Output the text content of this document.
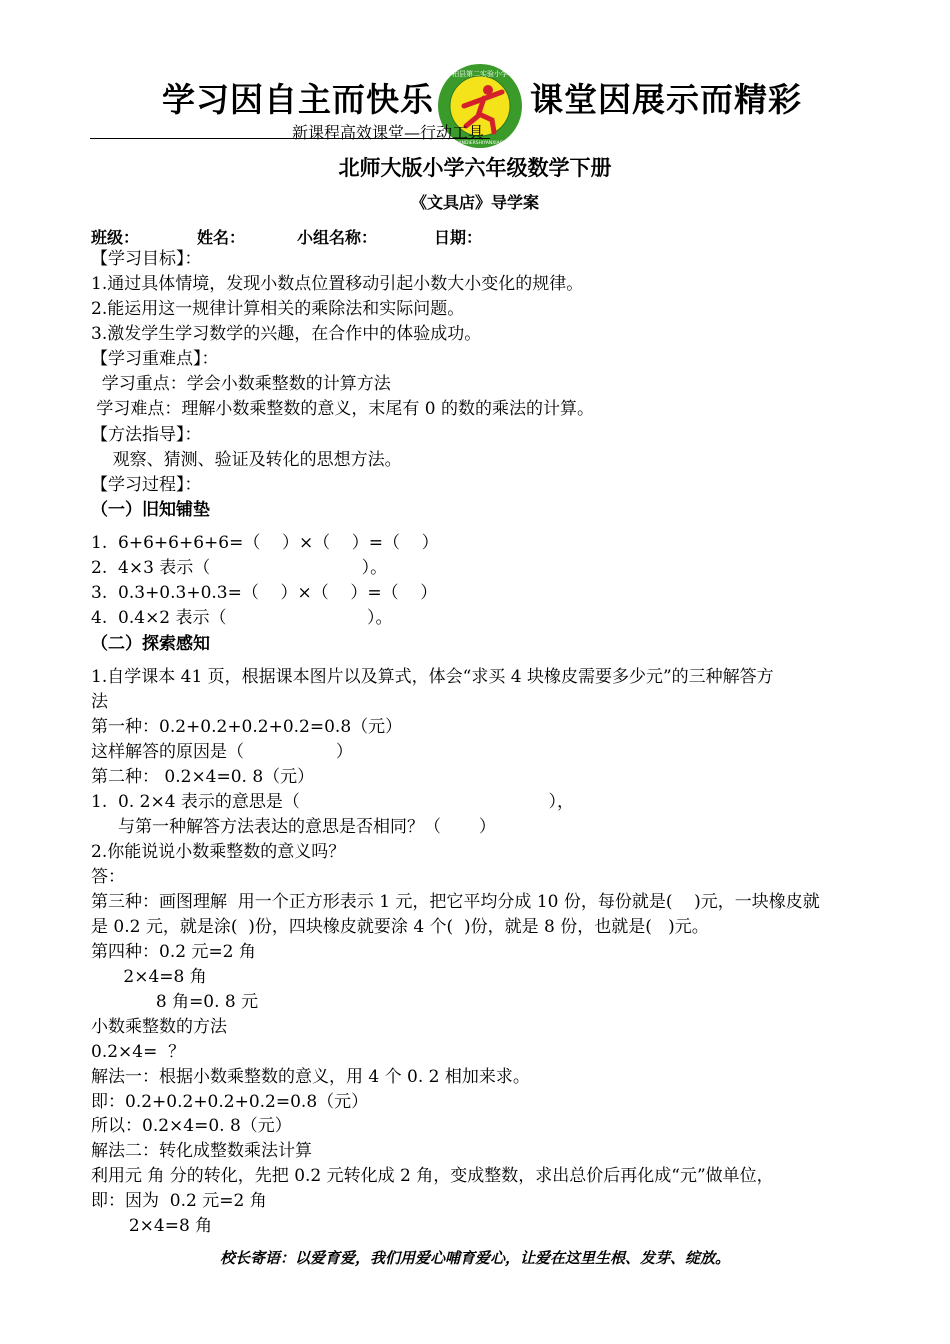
学习因自主而快乐
柏县第二实验小学
BOXIANDIERSHIYANXIAOXUE
课堂因展示而精彩
新课程高效课堂—行动工具
北师大版小学六年级数学下册
《文具店》导学案
班级：	姓名：	小组名称：	日期：
【学习目标】：
1.通过具体情境，发现小数点位置移动引起小数大小变化的规律。
2.能运用这一规律计算相关的乘除法和实际问题。
3.激发学生学习数学的兴趣，在合作中的体验成功。
【学习重难点】：
学习重点：学会小数乘整数的计算方法
学习难点：理解小数乘整数的意义，末尾有 0 的数的乘法的计算。
【方法指导】：
观察、猜测、验证及转化的思想方法。
【学习过程】：
（一）旧知铺垫
1.  6+6+6+6+6=（    ）×（    ）=（    ）
2.  4×3 表示（                            ）。
3.  0.3+0.3+0.3=（    ）×（    ）=（    ）
4.  0.4×2 表示（                          ）。
（二）探索感知
1.自学课本 41 页，根据课本图片以及算式，体会“求买 4 块橡皮需要多少元”的三种解答方
法
第一种：0.2+0.2+0.2+0.2=0.8（元）
这样解答的原因是（                 ）
第二种： 0.2×4=0. 8（元）
1.  0. 2×4 表示的意思是（                                              ），
与第一种解答方法表达的意思是否相同？（       ）
2.你能说说小数乘整数的意义吗？
答：
第三种：画图理解  用一个正方形表示 1 元，把它平均分成 10 份，每份就是(    )元，一块橡皮就
是 0.2 元，就是涂(  )份，四块橡皮就要涂 4 个(  )份，就是 8 份，也就是(   )元。
第四种：0.2 元=2 角
2×4=8 角
8 角=0. 8 元
小数乘整数的方法
0.2×4=  ？
解法一：根据小数乘整数的意义，用 4 个 0. 2 相加来求。
即：0.2+0.2+0.2+0.2=0.8（元）
所以：0.2×4=0. 8（元）
解法二：转化成整数乘法计算
利用元 角 分的转化，先把 0.2 元转化成 2 角，变成整数，求出总价后再化成“元”做单位，
即：因为  0.2 元=2 角
2×4=8 角
校长寄语：以爱育爱，我们用爱心哺育爱心，让爱在这里生根、发芽、绽放。
